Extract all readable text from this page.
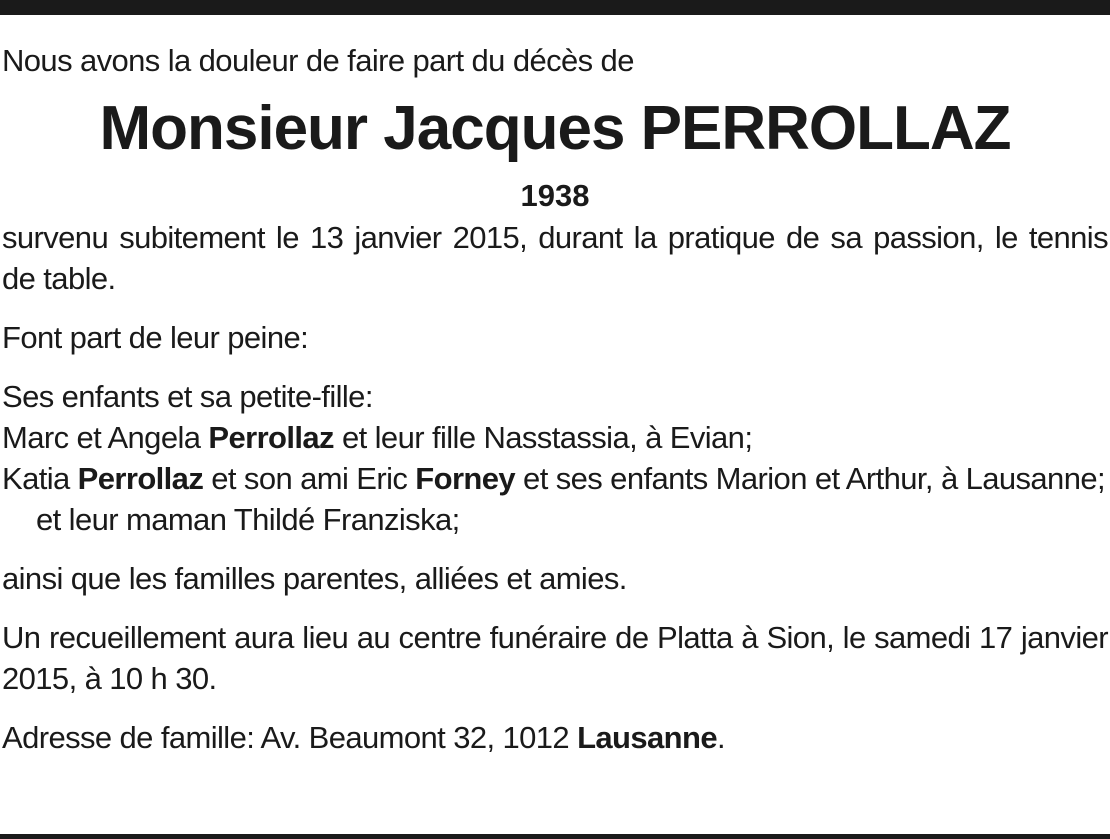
Nous avons la douleur de faire part du décès de

Monsieur Jacques PERROLLAZ

1938

survenu subitement le 13 janvier 2015, durant la pratique de sa passion, le tennis de table.

Font part de leur peine:

Ses enfants et sa petite-fille:

Marc et Angela Perrollaz et leur fille Nasstassia, à Evian;

Katia Perrollaz et son ami Eric Forney et ses enfants Marion et Arthur, à Lausanne;

et leur maman Thildé Franziska;

ainsi que les familles parentes, alliées et amies.

Un recueillement aura lieu au centre funéraire de Platta à Sion, le samedi 17 janvier 2015, à 10 h 30.

Adresse de famille: Av. Beaumont 32, 1012 Lausanne.
